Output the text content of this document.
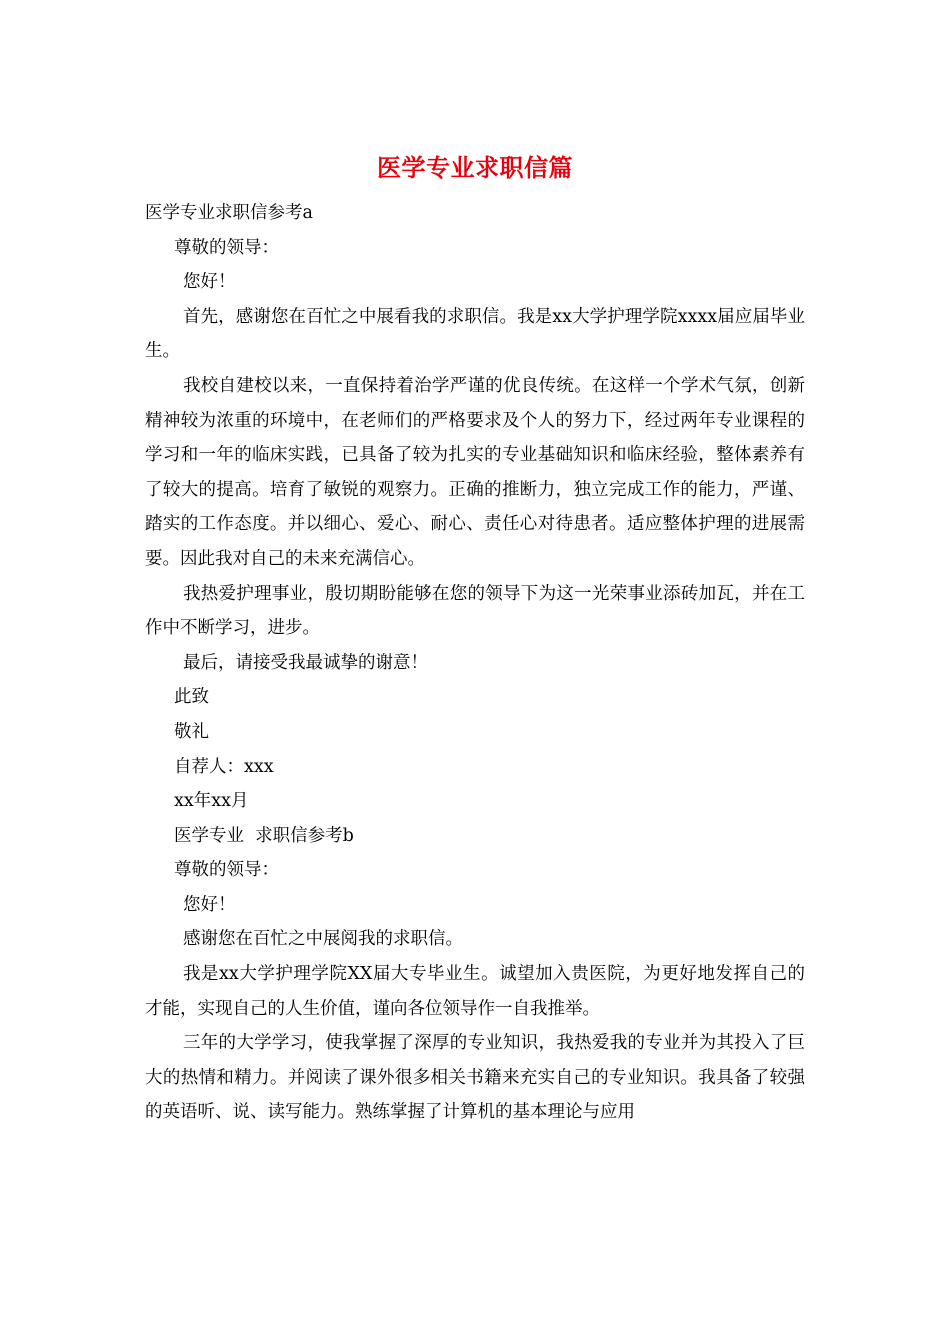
医学专业求职信篇

医学专业求职信参考a

尊敬的领导：

您好！

首先，感谢您在百忙之中展看我的求职信。我是xx大学护理学院xxxx届应届毕业生。

我校自建校以来，一直保持着治学严谨的优良传统。在这样一个学术气氛，创新精神较为浓重的环境中，在老师们的严格要求及个人的努力下，经过两年专业课程的学习和一年的临床实践，已具备了较为扎实的专业基础知识和临床经验，整体素养有了较大的提高。培育了敏锐的观察力。正确的推断力，独立完成工作的能力，严谨、踏实的工作态度。并以细心、爱心、耐心、责任心对待患者。适应整体护理的进展需要。因此我对自己的未来充满信心。

我热爱护理事业，殷切期盼能够在您的领导下为这一光荣事业添砖加瓦，并在工作中不断学习，进步。

最后，请接受我最诚挚的谢意！

此致

敬礼

自荐人：xxx

xx年xx月

医学专业  求职信参考b

尊敬的领导：

您好！

感谢您在百忙之中展阅我的求职信。

我是xx大学护理学院XX届大专毕业生。诚望加入贵医院，为更好地发挥自己的才能，实现自己的人生价值，谨向各位领导作一自我推举。

三年的大学学习，使我掌握了深厚的专业知识，我热爱我的专业并为其投入了巨大的热情和精力。并阅读了课外很多相关书籍来充实自己的专业知识。我具备了较强的英语听、说、读写能力。熟练掌握了计算机的基本理论与应用
